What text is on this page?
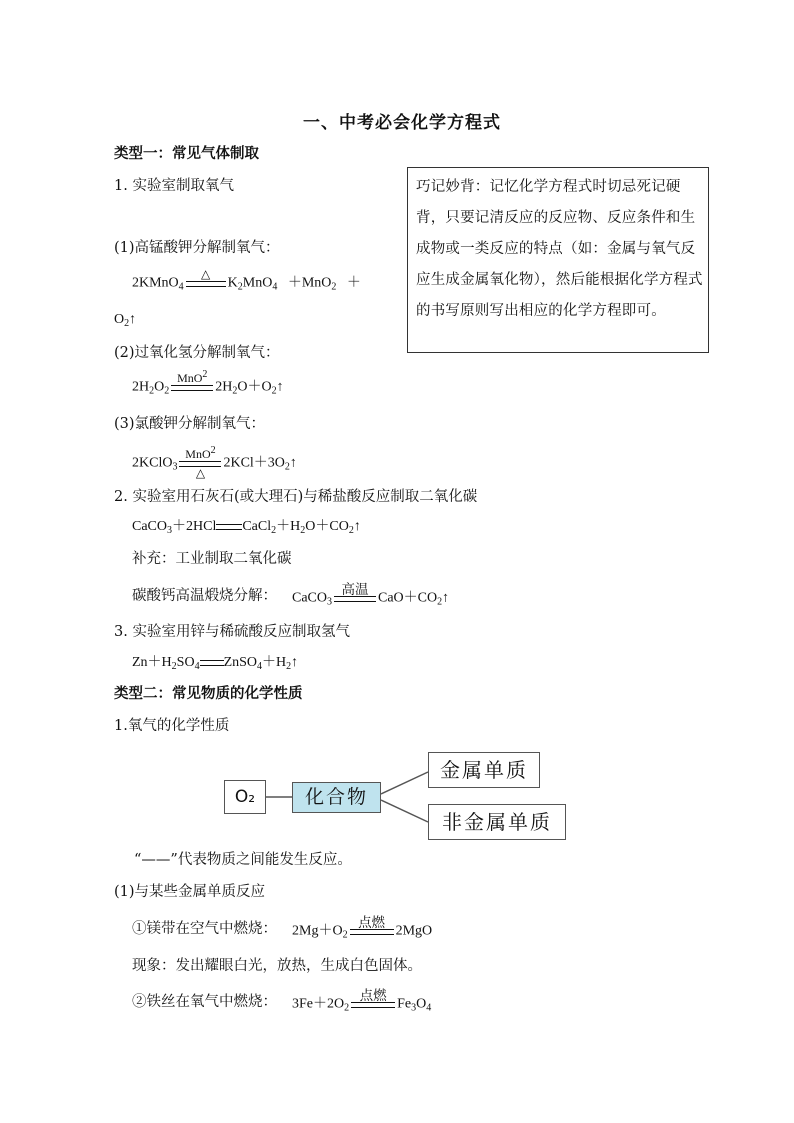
一、中考必会化学方程式
类型一：常见气体制取
1. 实验室制取氧气	巧记妙背：记忆化学方程式时切忌死记硬背，只要记清反应的反应物、反应条件和生成物或一类反应的特点（如：金属与氧气反应生成金属氧化物），然后能根据化学方程式的书写原则写出相应的化学方程即可。
(1)高锰酸钾分解制氧气：
2KMnO$_4$
△

$K_2MnO_4 +MnO_2$   ＋
$O_2↑$
(2)过氧化氢分解制氧气：
$2H_2O_2$
MnO$^2$

$2H_2O+O_2↑$
(3)氯酸钾分解制氧气：
2KClO$_3$
MnO$^2$
△
$2KCl+3O_2↑$
2. 实验室用石灰石(或大理石)与稀盐酸反应制取二氧化碳
CaCO$_3$＋2HCl $CaCl_2+H_2O+CO_2↑$
补充：工业制取二氧化碳
碳酸钙高温煅烧分解： CaCO$_3$
高温

$CaO+CO_2↑$
3. 实验室用锌与稀硫酸反应制取氢气
$Zn+H_2SO_4$ $ZnSO_4+H_2↑$
类型二：常见物质的化学性质
1.氧气的化学性质
O₂	化合物
金属单质
非金属单质
“——”代表物质之间能发生反应。
(1)与某些金属单质反应
①镁带在空气中燃烧： $2Mg+O_2$
点燃

2MgO
现象：发出耀眼白光，放热，生成白色固体。
②铁丝在氧气中燃烧： $3Fe+2O_2$
点燃

$Fe_3O_4$
